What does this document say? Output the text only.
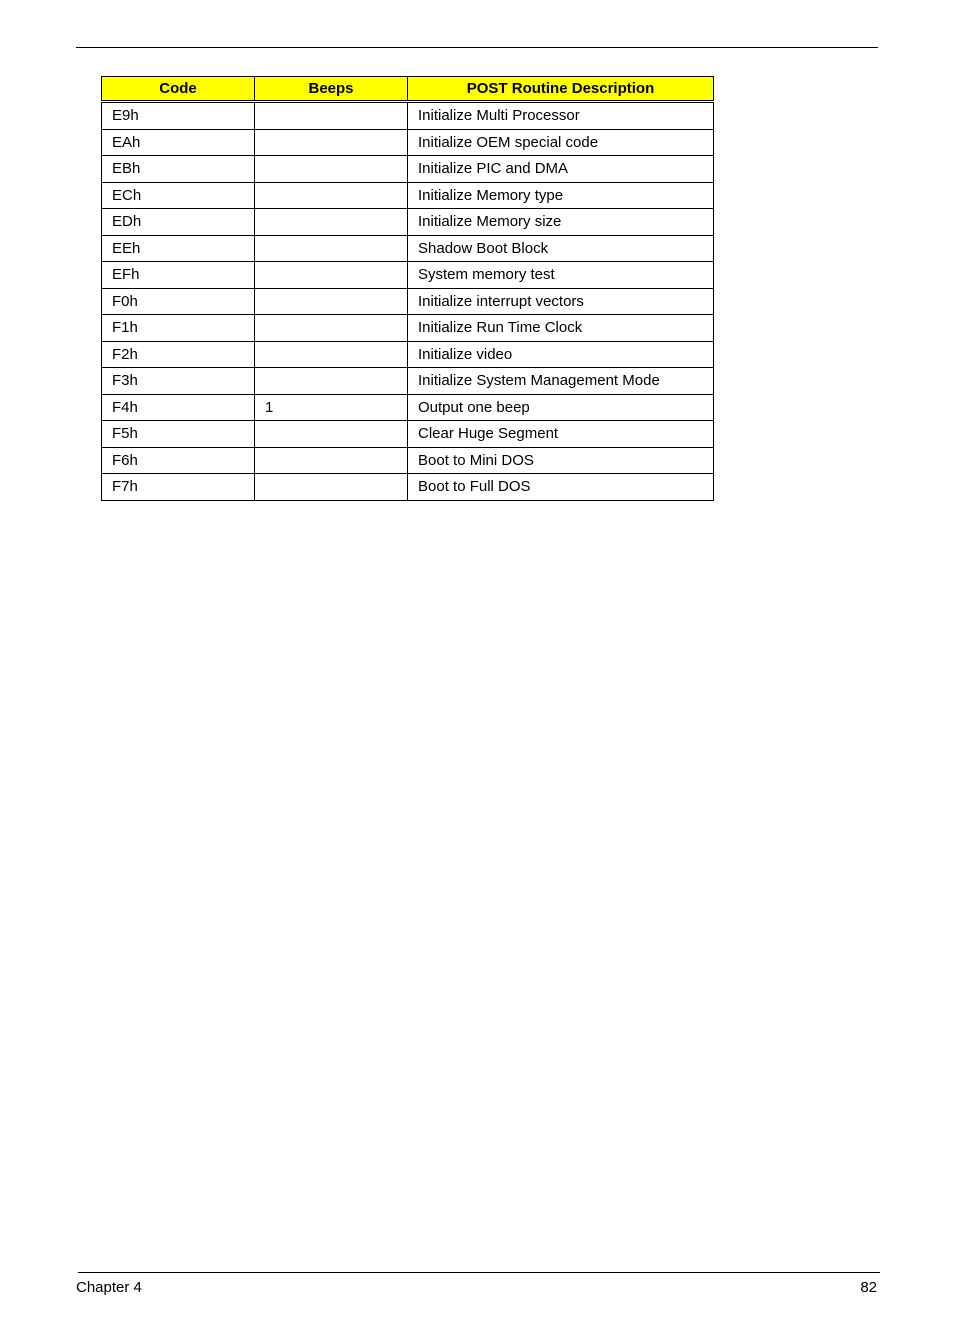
Code	Beeps	POST Routine Description
E9h		Initialize Multi Processor
EAh		Initialize OEM special code
EBh		Initialize PIC and DMA
ECh		Initialize Memory type
EDh		Initialize Memory size
EEh		Shadow Boot Block
EFh		System memory test
F0h		Initialize interrupt vectors
F1h		Initialize Run Time Clock
F2h		Initialize video
F3h		Initialize System Management Mode
F4h	1	Output one beep
F5h		Clear Huge Segment
F6h		Boot to Mini DOS
F7h		Boot to Full DOS
Chapter 4	82
